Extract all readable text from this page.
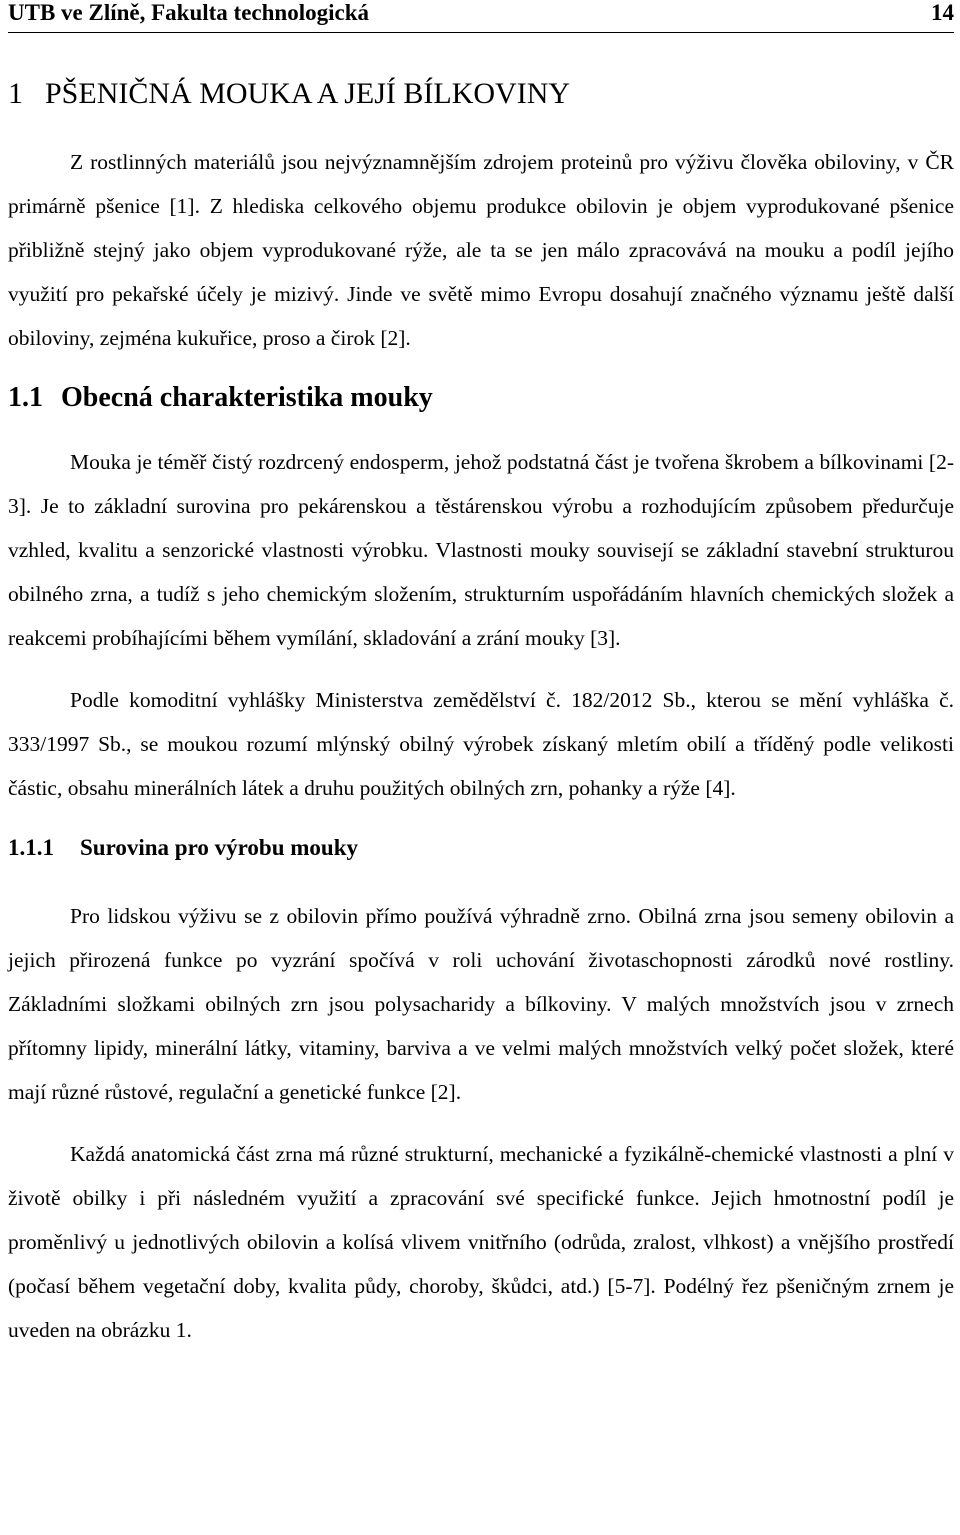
UTB ve Zlíně, Fakultа technologická	14
1 PŠENIČNÁ MOUKA A JEJÍ BÍLKOVINY

Z rostlinných materiálů jsou nejvýznamnějším zdrojem proteinů pro výživu člověka obiloviny, v ČR primárně pšenice [1]. Z hlediska celkového objemu produkce obilovin je objem vyprodukované pšenice přibližně stejný jako objem vyprodukované rýže, ale ta se jen málo zpracovává na mouku a podíl jejího využití pro pekařské účely je mizivý. Jinde ve světě mimo Evropu dosahují značného významu ještě další obiloviny, zejména kukuřice, proso a čirok [2].

1.1 Obecná charakteristika mouky

Mouka je téměř čistý rozdrcený endosperm, jehož podstatná část je tvořena škrobem a bílkovinami [2-3]. Je to základní surovina pro pekárenskou a těstárenskou výrobu a rozhodujícím způsobem předurčuje vzhled, kvalitu a senzorické vlastnosti výrobku. Vlastnosti mouky souvisejí se základní stavební strukturou obilného zrna, a tudíž s jeho chemickým složením, strukturním uspořádáním hlavních chemických složek a reakcemi probíhajícími během vymílání, skladování a zrání mouky [3].

Podle komoditní vyhlášky Ministerstva zemědělství č. 182/2012 Sb., kterou se mění vyhláška č. 333/1997 Sb., se moukou rozumí mlýnský obilný výrobek získaný mletím obilí a tříděný podle velikosti částic, obsahu minerálních látek a druhu použitých obilných zrn, pohanky a rýže [4].

1.1.1 Surovina pro výrobu mouky

Pro lidskou výživu se z obilovin přímo používá výhradně zrno. Obilná zrna jsou semeny obilovin a jejich přirozená funkce po vyzrání spočívá v roli uchování životaschopnosti zárodků nové rostliny. Základními složkami obilných zrn jsou polysacharidy a bílkoviny. V malých množstvích jsou v zrnech přítomny lipidy, minerální látky, vitaminy, barviva a ve velmi malých množstvích velký počet složek, které mají různé růstové, regulační a genetické funkce [2].

Každá anatomická část zrna má různé strukturní, mechanické a fyzikálně-chemické vlastnosti a plní v životě obilky i při následném využití a zpracování své specifické funkce. Jejich hmotnostní podíl je proměnlivý u jednotlivých obilovin a kolísá vlivem vnitřního (odrůda, zralost, vlhkost) a vnějšího prostředí (počasí během vegetační doby, kvalita půdy, choroby, škůdci, atd.) [5-7]. Podélný řez pšeničným zrnem je uveden na obrázku 1.
